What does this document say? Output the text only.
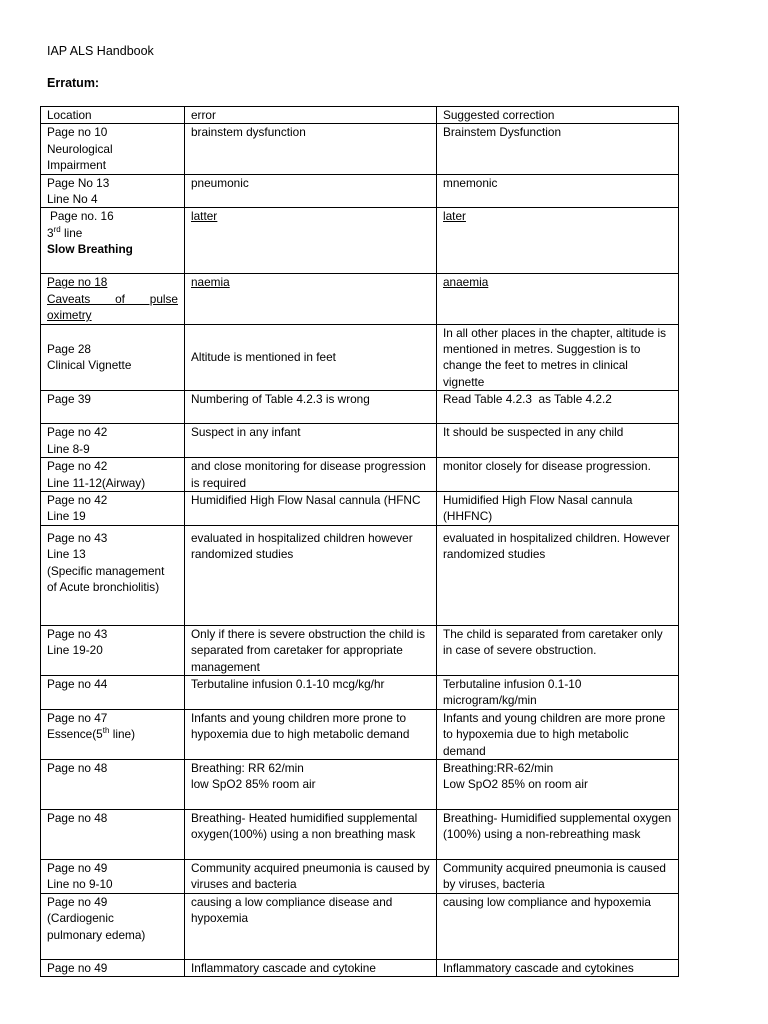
IAP ALS Handbook
Erratum:
Location	error	Suggested correction

Page no 10
Neurological
Impairment	brainstem dysfunction	Brainstem Dysfunction

Page No 13
Line No 4	pneumonic	mnemonic

Page no. 16
3rd line
Slow Breathing	latter	later

Page no 18
Caveats of pulse
oximetry	naemia	anaemia

Page 28
Clinical Vignette	Altitude is mentioned in feet	In all other places in the chapter, altitude is mentioned in metres. Suggestion is to change the feet to metres in clinical vignette

Page 39	Numbering of Table 4.2.3 is wrong	Read Table 4.2.3  as Table 4.2.2

Page no 42
Line 8-9	Suspect in any infant	It should be suspected in any child

Page no 42
Line 11-12(Airway)	and close monitoring for disease progression is required	monitor closely for disease progression.

Page no 42
Line 19	Humidified High Flow Nasal cannula (HFNC	Humidified High Flow Nasal cannula (HHFNC)

Page no 43
Line 13
(Specific management
of Acute bronchiolitis)	evaluated in hospitalized children however randomized studies	evaluated in hospitalized children. However randomized studies

Page no 43
Line 19-20	Only if there is severe obstruction the child is separated from caretaker for appropriate management	The child is separated from caretaker only in case of severe obstruction.

Page no 44	Terbutaline infusion 0.1-10 mcg/kg/hr	Terbutaline infusion 0.1-10 microgram/kg/min

Page no 47
Essence(5th line)	Infants and young children more prone to hypoxemia due to high metabolic demand	Infants and young children are more prone to hypoxemia due to high metabolic demand

Page no 48	Breathing: RR 62/min
low SpO2 85% room air	Breathing:RR-62/min
Low SpO2 85% on room air

Page no 48	Breathing- Heated humidified supplemental oxygen(100%) using a non breathing mask	Breathing- Humidified supplemental oxygen (100%) using a non-rebreathing mask

Page no 49
Line no 9-10	Community acquired pneumonia is caused by viruses and bacteria	Community acquired pneumonia is caused by viruses, bacteria

Page no 49
(Cardiogenic
pulmonary edema)	causing a low compliance disease and hypoxemia	causing low compliance and hypoxemia

Page no 49	Inflammatory cascade and cytokine	Inflammatory cascade and cytokines
